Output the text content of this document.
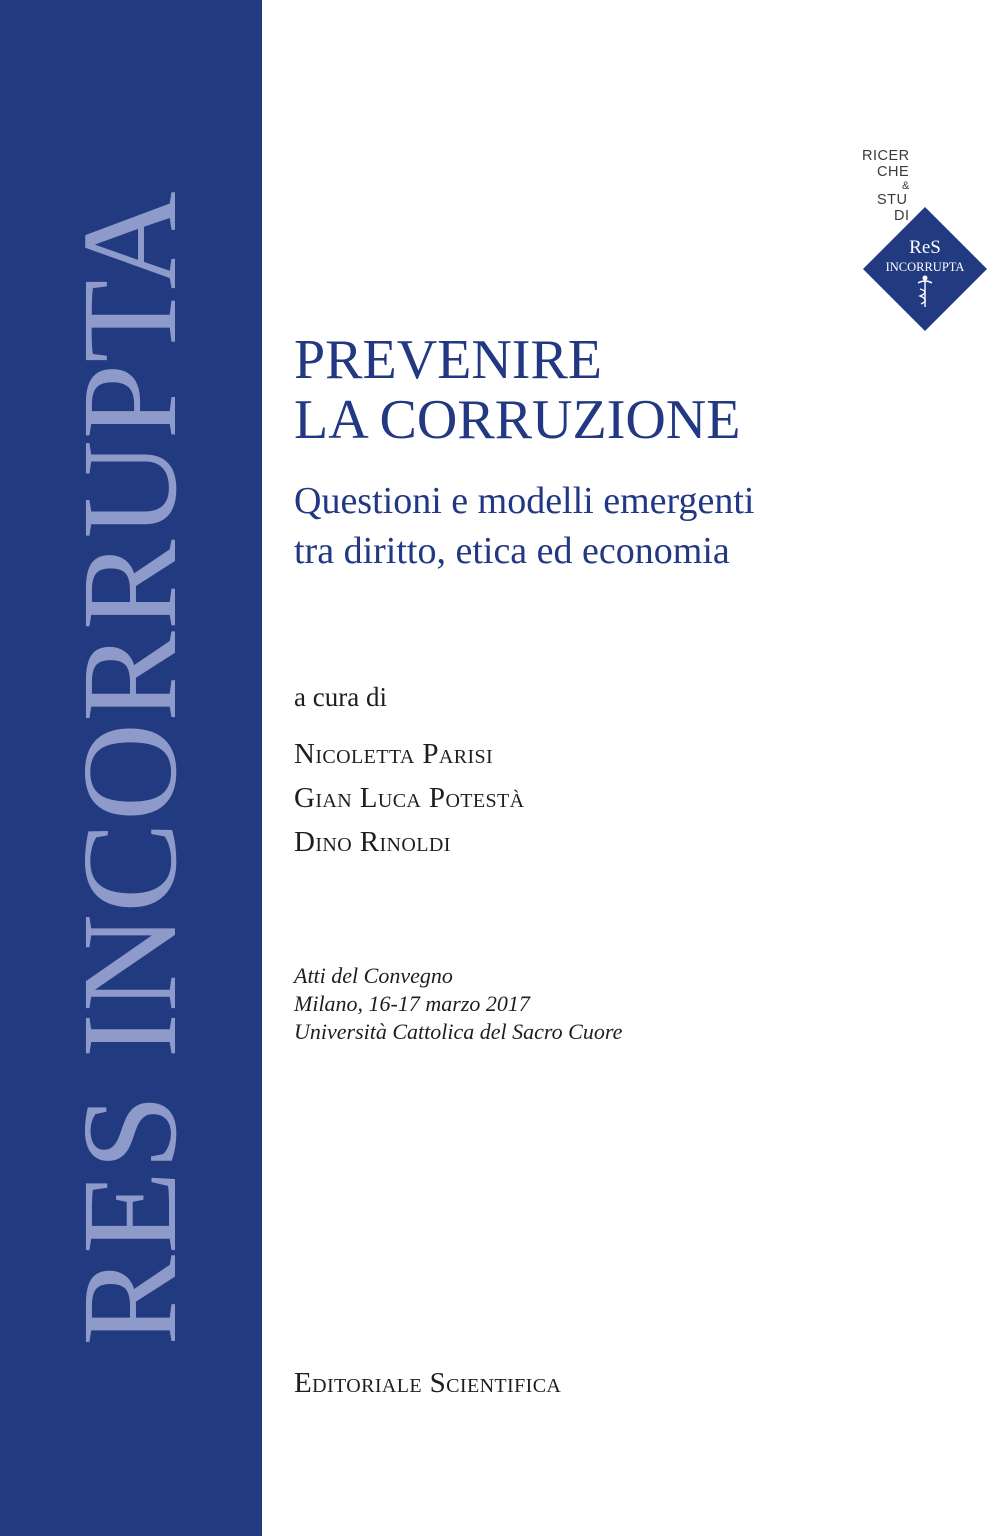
RES INCORRUPTA
RICER
CHE
&
STU
DI
ReS
INCORRUPTA
PREVENIRE
LA CORRUZIONE
Questioni e modelli emergenti
tra diritto, etica ed economia
a cura di
Nicoletta Parisi
Gian Luca Potestà
Dino Rinoldi
Atti del Convegno
Milano, 16-17 marzo 2017
Università Cattolica del Sacro Cuore
Editoriale Scientifica
